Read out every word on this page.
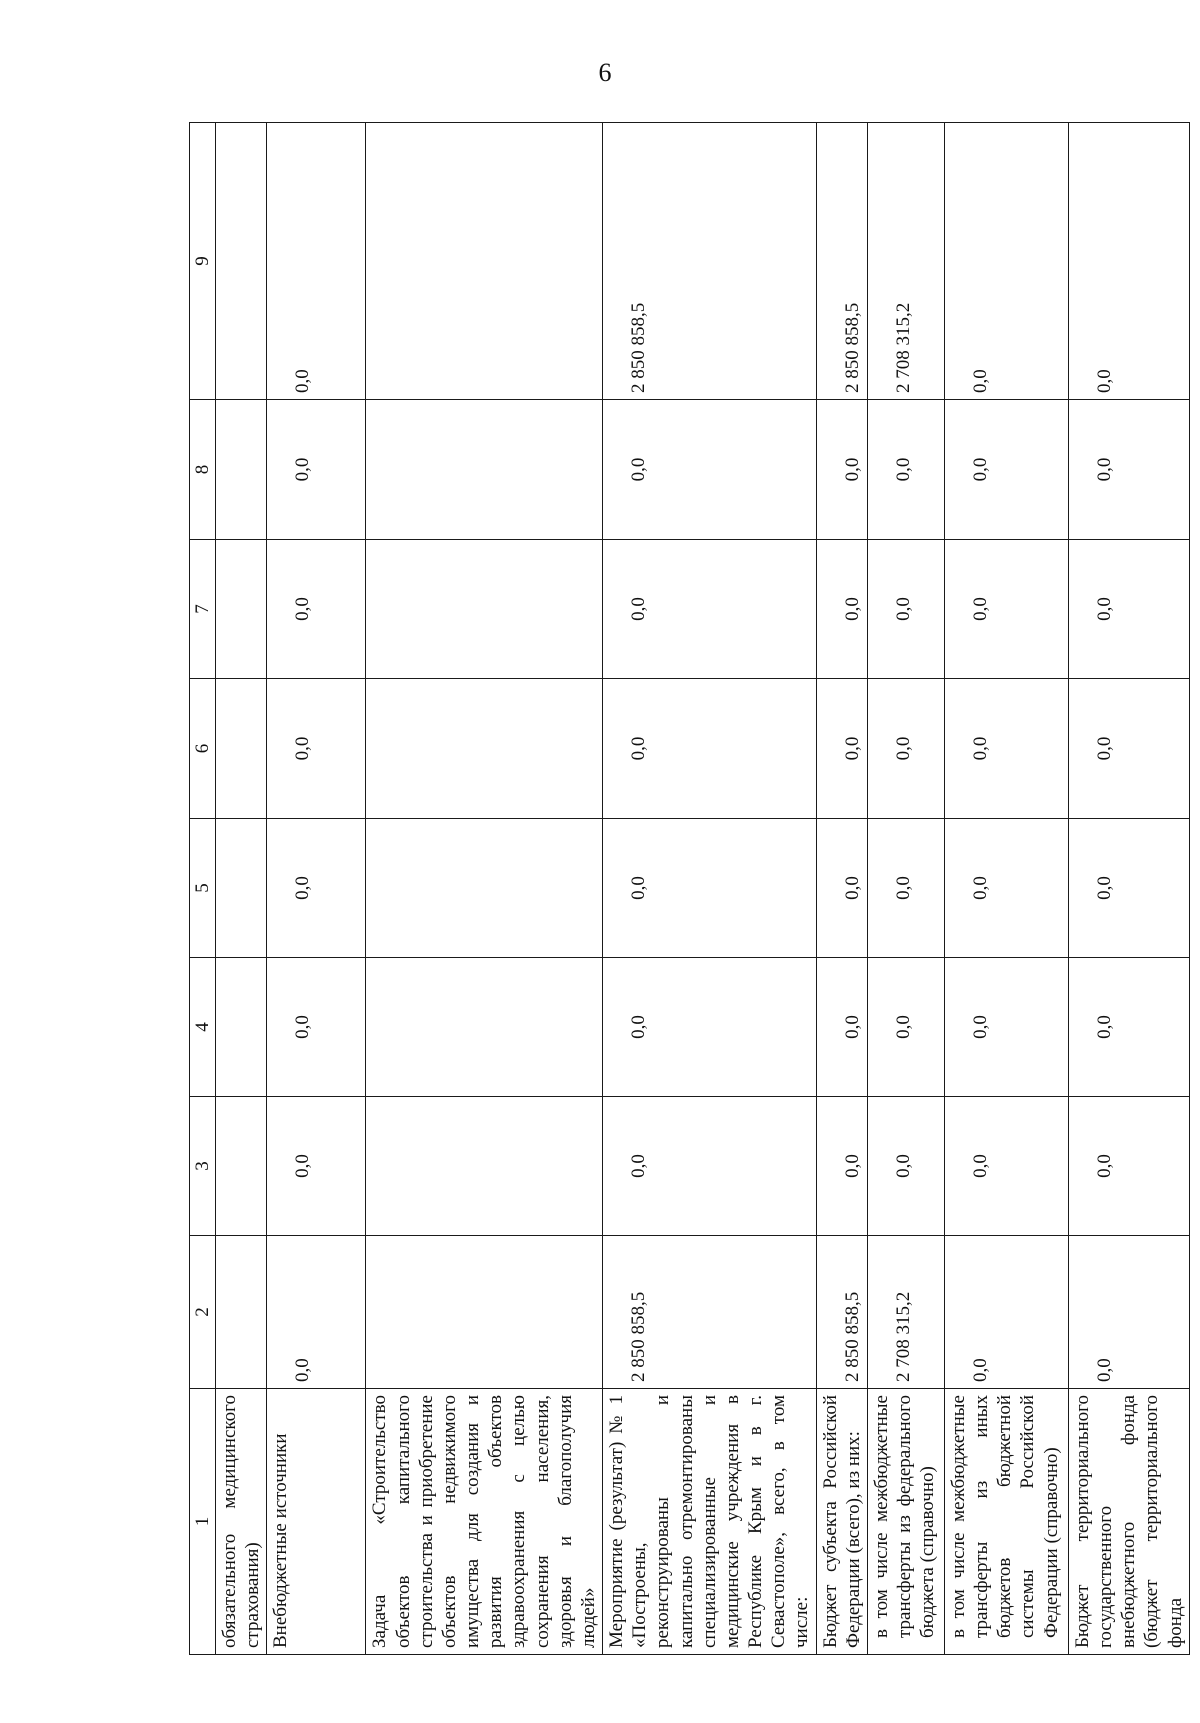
6
1	2	3	4	5	6	7	8	9
обязательного медицинского страхования)								
Внебюджетные источники	0,0	0,0	0,0	0,0	0,0	0,0	0,0	0,0
Задача «Строительство объектов капитального строительства и приобретение объектов недвижимого имущества для создания и развития объектов здравоохранения с целью сохранения населения, здоровья и благополучия людей»								
Мероприятие (результат) № 1 «Построены, реконструированы и капитально отремонтированы специализированные и медицинские учреждения в Республике Крым и в г. Севастополе», всего, в том числе:	2 850 858,5	0,0	0,0	0,0	0,0	0,0	0,0	2 850 858,5
Бюджет субъекта Российской Федерации (всего), из них:	2 850 858,5	0,0	0,0	0,0	0,0	0,0	0,0	2 850 858,5
в том числе межбюджетные трансферты из федерального бюджета (справочно)	2 708 315,2	0,0	0,0	0,0	0,0	0,0	0,0	2 708 315,2
в том числе межбюджетные трансферты из иных бюджетов бюджетной системы Российской Федерации (справочно)	0,0	0,0	0,0	0,0	0,0	0,0	0,0	0,0
Бюджет территориального государственного внебюджетного фонда (бюджет территориального фонда	0,0	0,0	0,0	0,0	0,0	0,0	0,0	0,0
